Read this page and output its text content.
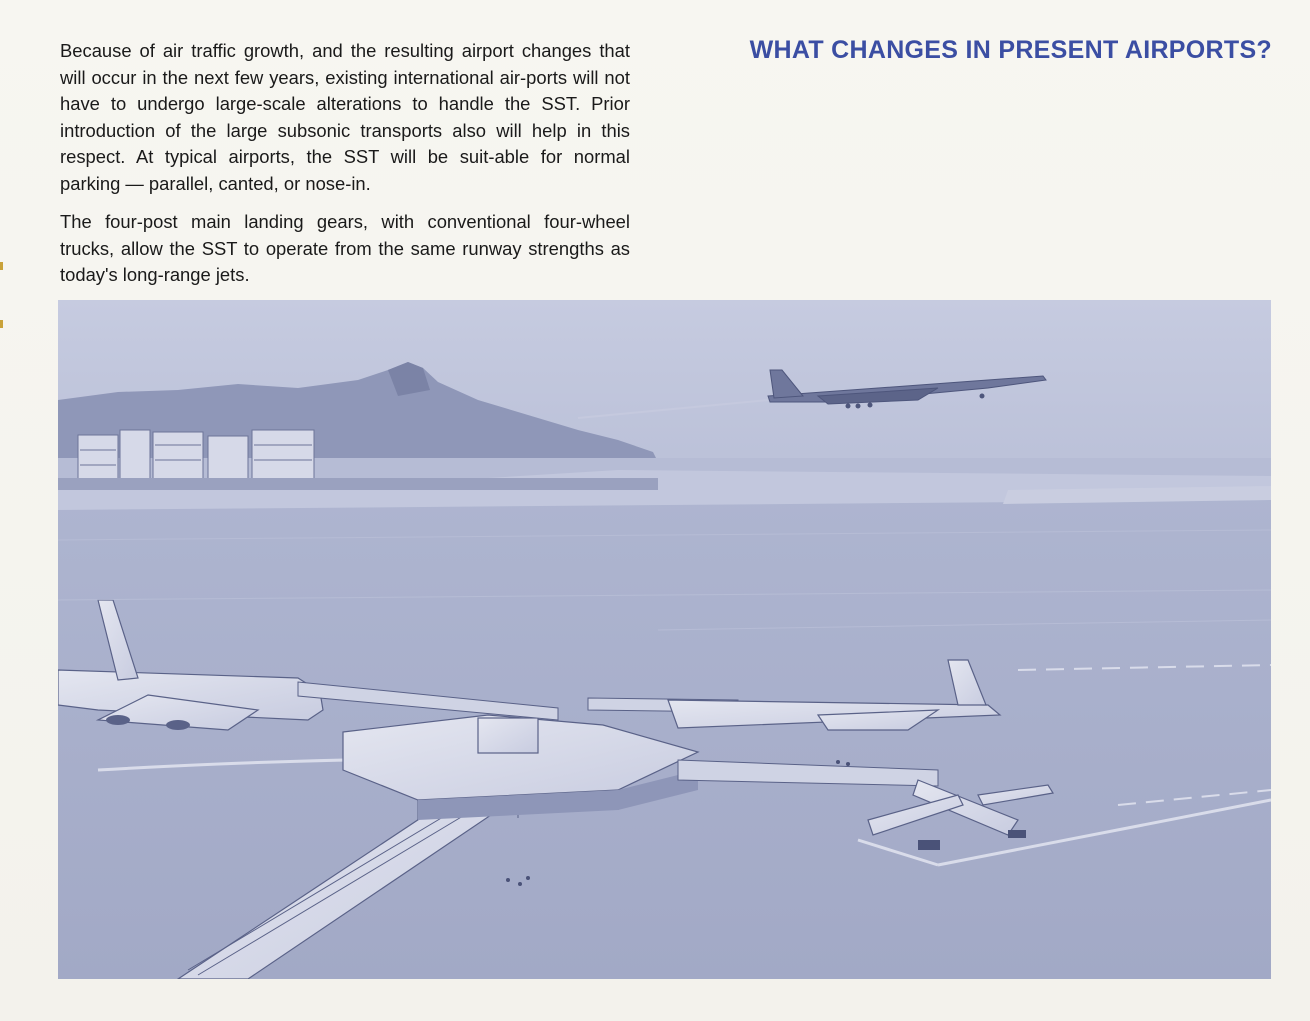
Because of air traffic growth, and the resulting airport changes that will occur in the next few years, existing international air-ports will not have to undergo large-scale alterations to handle the SST. Prior introduction of the large subsonic transports also will help in this respect. At typical airports, the SST will be suit-able for normal parking — parallel, canted, or nose-in.

The four-post main landing gears, with conventional four-wheel trucks, allow the SST to operate from the same runway strengths as today's long-range jets.

WHAT CHANGES IN PRESENT AIRPORTS?
